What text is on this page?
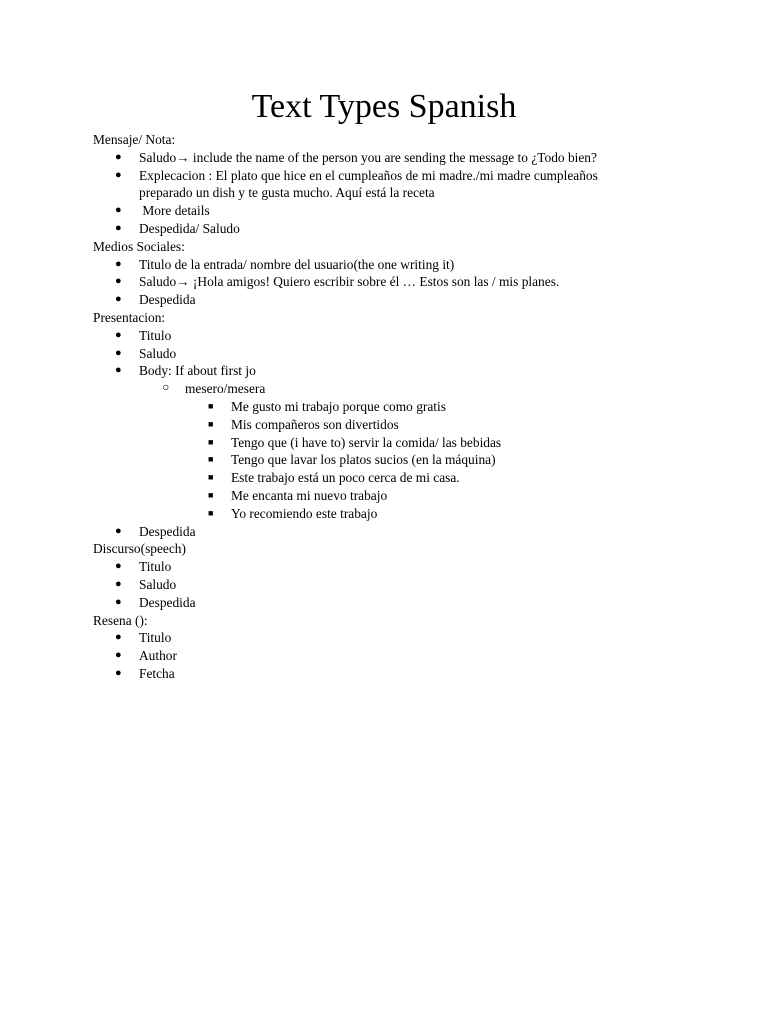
Text Types Spanish
Mensaje/ Nota:
● Saludo→ include the name of the person you are sending the message to ¿Todo bien?
● Explecacion : El plato que hice en el cumpleaños de mi madre./mi madre cumpleaños preparado un dish y te gusta mucho. Aquí está la receta
● More details
● Despedida/ Saludo
Medios Sociales:
● Titulo de la entrada/ nombre del usuario(the one writing it)
● Saludo→ ¡Hola amigos! Quiero escribir sobre él … Estos son las / mis planes.
● Despedida
Presentacion:
● Titulo
● Saludo
● Body: If about first jo
○ mesero/mesera
■ Me gusto mi trabajo porque como gratis
■ Mis compañeros son divertidos
■ Tengo que (i have to) servir la comida/ las bebidas
■ Tengo que lavar los platos sucios (en la máquina)
■ Este trabajo está un poco cerca de mi casa.
■ Me encanta mi nuevo trabajo
■ Yo recomiendo este trabajo
● Despedida
Discurso(speech)
● Titulo
● Saludo
● Despedida
Resena ():
● Titulo
● Author
● Fetcha
